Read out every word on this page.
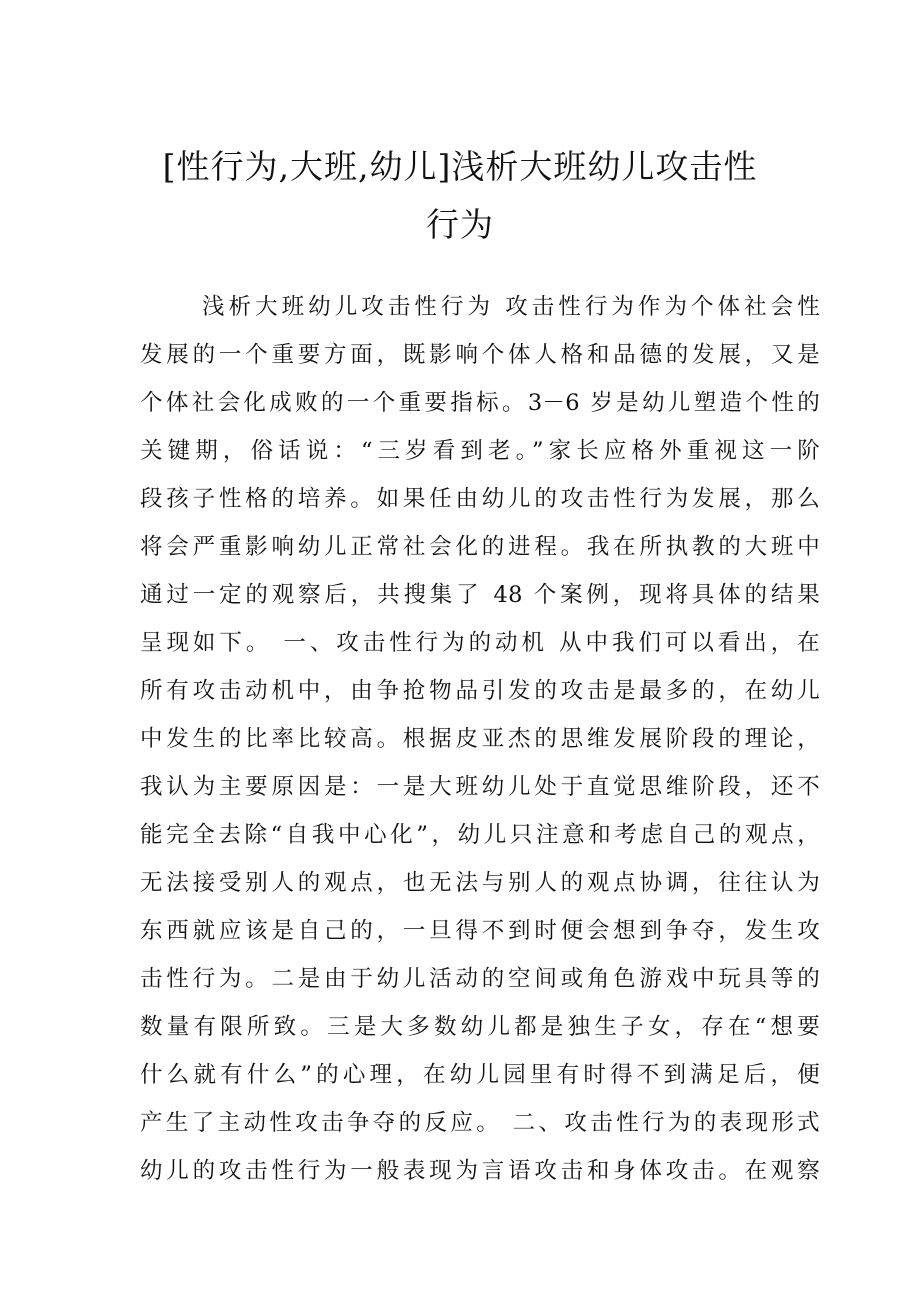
[性行为,大班,幼儿]浅析大班幼儿攻击性
行为
浅析大班幼儿攻击性行为 攻击性行为作为个体社会性
发展的一个重要方面，既影响个体人格和品德的发展，又是
个体社会化成败的一个重要指标。3－6 岁是幼儿塑造个性的
关键期，俗话说：“三岁看到老。”家长应格外重视这一阶
段孩子性格的培养。如果任由幼儿的攻击性行为发展，那么
将会严重影响幼儿正常社会化的进程。我在所执教的大班中
通过一定的观察后，共搜集了 48 个案例，现将具体的结果
呈现如下。 一、攻击性行为的动机 从中我们可以看出，在
所有攻击动机中，由争抢物品引发的攻击是最多的，在幼儿
中发生的比率比较高。根据皮亚杰的思维发展阶段的理论，
我认为主要原因是：一是大班幼儿处于直觉思维阶段，还不
能完全去除“自我中心化”，幼儿只注意和考虑自己的观点，
无法接受别人的观点，也无法与别人的观点协调，往往认为
东西就应该是自己的，一旦得不到时便会想到争夺，发生攻
击性行为。二是由于幼儿活动的空间或角色游戏中玩具等的
数量有限所致。三是大多数幼儿都是独生子女，存在“想要
什么就有什么”的心理，在幼儿园里有时得不到满足后，便
产生了主动性攻击争夺的反应。 二、攻击性行为的表现形式
幼儿的攻击性行为一般表现为言语攻击和身体攻击。在观察
